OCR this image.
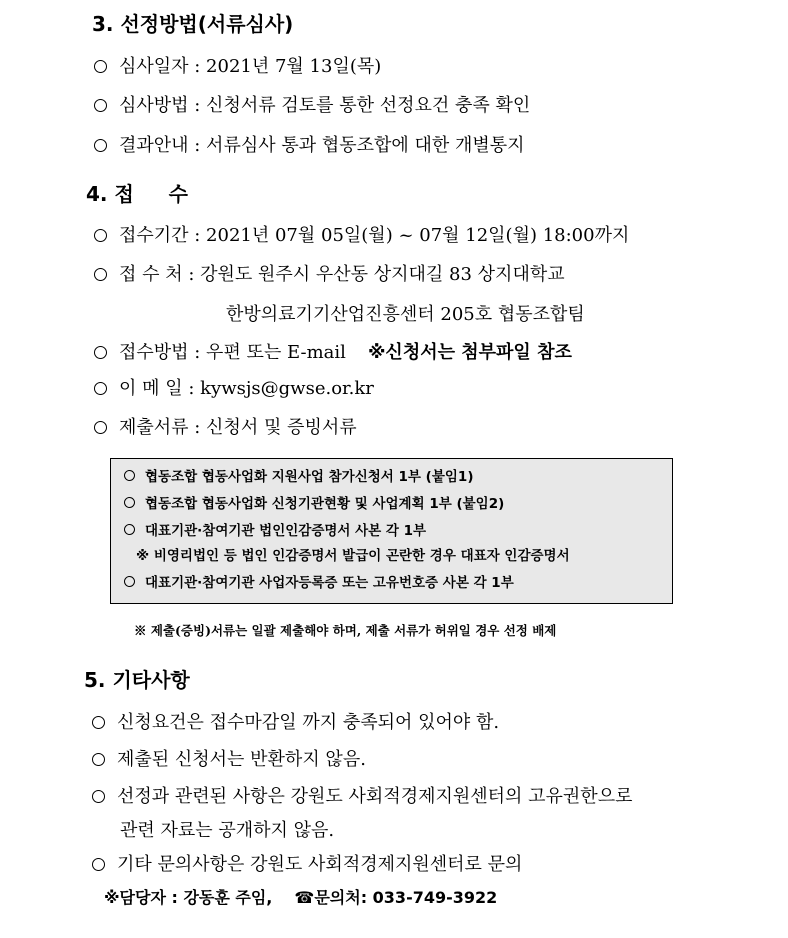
3. 선정방법(서류심사)
심사일자 : 2021년 7월 13일(목)
심사방법 : 신청서류 검토를 통한 선정요건 충족 확인
결과안내 : 서류심사 통과 협동조합에 대한 개별통지
4. 접     수
접수기간 : 2021년 07월 05일(월) ~ 07월 12일(월) 18:00까지
접 수 처 : 강원도 원주시 우산동 상지대길 83 상지대학교
한방의료기기산업진흥센터 205호 협동조합팀
접수방법 : 우편 또는 E-mail ※신청서는 첨부파일 참조
이 메 일 : kywsjs@gwse.or.kr
제출서류 : 신청서 및 증빙서류
협동조합 협동사업화 지원사업 참가신청서 1부 (붙임1)
협동조합 협동사업화 신청기관현황 및 사업계획 1부 (붙임2)
대표기관·참여기관 법인인감증명서 사본 각 1부
※ 비영리법인 등 법인 인감증명서 발급이 곤란한 경우 대표자 인감증명서
대표기관·참여기관 사업자등록증 또는 고유번호증 사본 각 1부
※ 제출(증빙)서류는 일괄 제출해야 하며, 제출 서류가 허위일 경우 선정 배제
5. 기타사항
신청요건은 접수마감일 까지 충족되어 있어야 함.
제출된 신청서는 반환하지 않음.
선정과 관련된 사항은 강원도 사회적경제지원센터의 고유권한으로
관련 자료는 공개하지 않음.
기타 문의사항은 강원도 사회적경제지원센터로 문의
※담당자 : 강동훈 주임, ☎문의처: 033-749-3922
